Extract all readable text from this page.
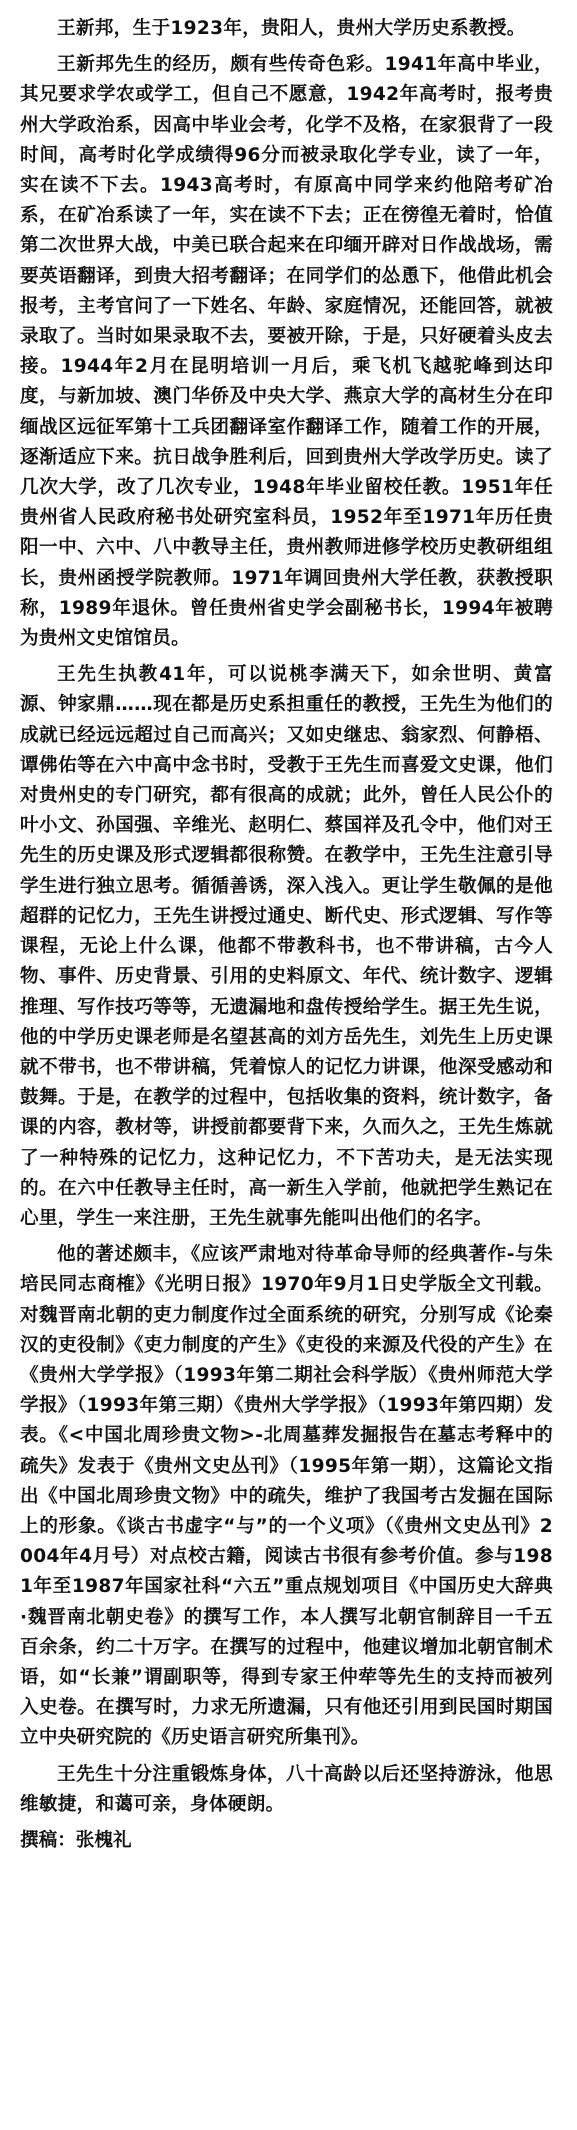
王新邦，生于1923年，贵阳人，贵州大学历史系教授。

王新邦先生的经历，颇有些传奇色彩。1941年高中毕业，其兄要求学农或学工，但自己不愿意，1942年高考时，报考贵州大学政治系，因高中毕业会考，化学不及格，在家狠背了一段时间，高考时化学成绩得96分而被录取化学专业，读了一年，实在读不下去。1943高考时，有原高中同学来约他陪考矿冶系，在矿冶系读了一年，实在读不下去；正在徬徨无着时，恰值第二次世界大战，中美已联合起来在印缅开辟对日作战战场，需要英语翻译，到贵大招考翻译；在同学们的怂恿下，他借此机会报考，主考官问了一下姓名、年龄、家庭情况，还能回答，就被录取了。当时如果录取不去，要被开除，于是，只好硬着头皮去接。1944年2月在昆明培训一月后，乘飞机飞越驼峰到达印度，与新加坡、澳门华侨及中央大学、燕京大学的高材生分在印缅战区远征军第十工兵团翻译室作翻译工作，随着工作的开展，逐渐适应下来。抗日战争胜利后，回到贵州大学改学历史。读了几次大学，改了几次专业，1948年毕业留校任教。1951年任贵州省人民政府秘书处研究室科员，1952年至1971年历任贵阳一中、六中、八中教导主任，贵州教师进修学校历史教研组组长，贵州函授学院教师。1971年调回贵州大学任教，获教授职称，1989年退休。曾任贵州省史学会副秘书长，1994年被聘为贵州文史馆馆员。

王先生执教41年，可以说桃李满天下，如余世明、黄富源、钟家鼎……现在都是历史系担重任的教授，王先生为他们的成就已经远远超过自己而高兴；又如史继忠、翁家烈、何静梧、谭佛佑等在六中高中念书时，受教于王先生而喜爱文史课，他们对贵州史的专门研究，都有很高的成就；此外，曾任人民公仆的叶小文、孙国强、辛维光、赵明仁、蔡国祥及孔令中，他们对王先生的历史课及形式逻辑都很称赞。在教学中，王先生注意引导学生进行独立思考。循循善诱，深入浅入。更让学生敬佩的是他超群的记忆力，王先生讲授过通史、断代史、形式逻辑、写作等课程，无论上什么课，他都不带教科书，也不带讲稿，古今人物、事件、历史背景、引用的史料原文、年代、统计数字、逻辑推理、写作技巧等等，无遗漏地和盘传授给学生。据王先生说，他的中学历史课老师是名望甚高的刘方岳先生，刘先生上历史课就不带书，也不带讲稿，凭着惊人的记忆力讲课，他深受感动和鼓舞。于是，在教学的过程中，包括收集的资料，统计数字，备课的内容，教材等，讲授前都要背下来，久而久之，王先生炼就了一种特殊的记忆力，这种记忆力，不下苦功夫，是无法实现的。在六中任教导主任时，高一新生入学前，他就把学生熟记在心里，学生一来注册，王先生就事先能叫出他们的名字。

他的著述颇丰，《应该严肃地对待革命导师的经典著作-与朱培民同志商榷》《光明日报》1970年9月1日史学版全文刊载。对魏晋南北朝的吏力制度作过全面系统的研究，分别写成《论秦汉的吏役制》《吏力制度的产生》《吏役的来源及代役的产生》在《贵州大学学报》（1993年第二期社会科学版）《贵州师范大学学报》（1993年第三期）《贵州大学学报》（1993年第四期）发表。《<中国北周珍贵文物>-北周墓葬发掘报告在墓志考释中的疏失》发表于《贵州文史丛刊》（1995年第一期），这篇论文指出《中国北周珍贵文物》中的疏失，维护了我国考古发掘在国际上的形象。《谈古书虚字“与”的一个义项》（《贵州文史丛刊》2004年4月号）对点校古籍，阅读古书很有参考价值。参与1981年至1987年国家社科“六五”重点规划项目《中国历史大辞典·魏晋南北朝史卷》的撰写工作，本人撰写北朝官制辞目一千五百余条，约二十万字。在撰写的过程中，他建议增加北朝官制术语，如“长兼”谓副职等，得到专家王仲荦等先生的支持而被列入史卷。在撰写时，力求无所遗漏，只有他还引用到民国时期国立中央研究院的《历史语言研究所集刊》。

王先生十分注重锻炼身体，八十高龄以后还坚持游泳，他思维敏捷，和蔼可亲，身体硬朗。

撰稿：张槐礼
